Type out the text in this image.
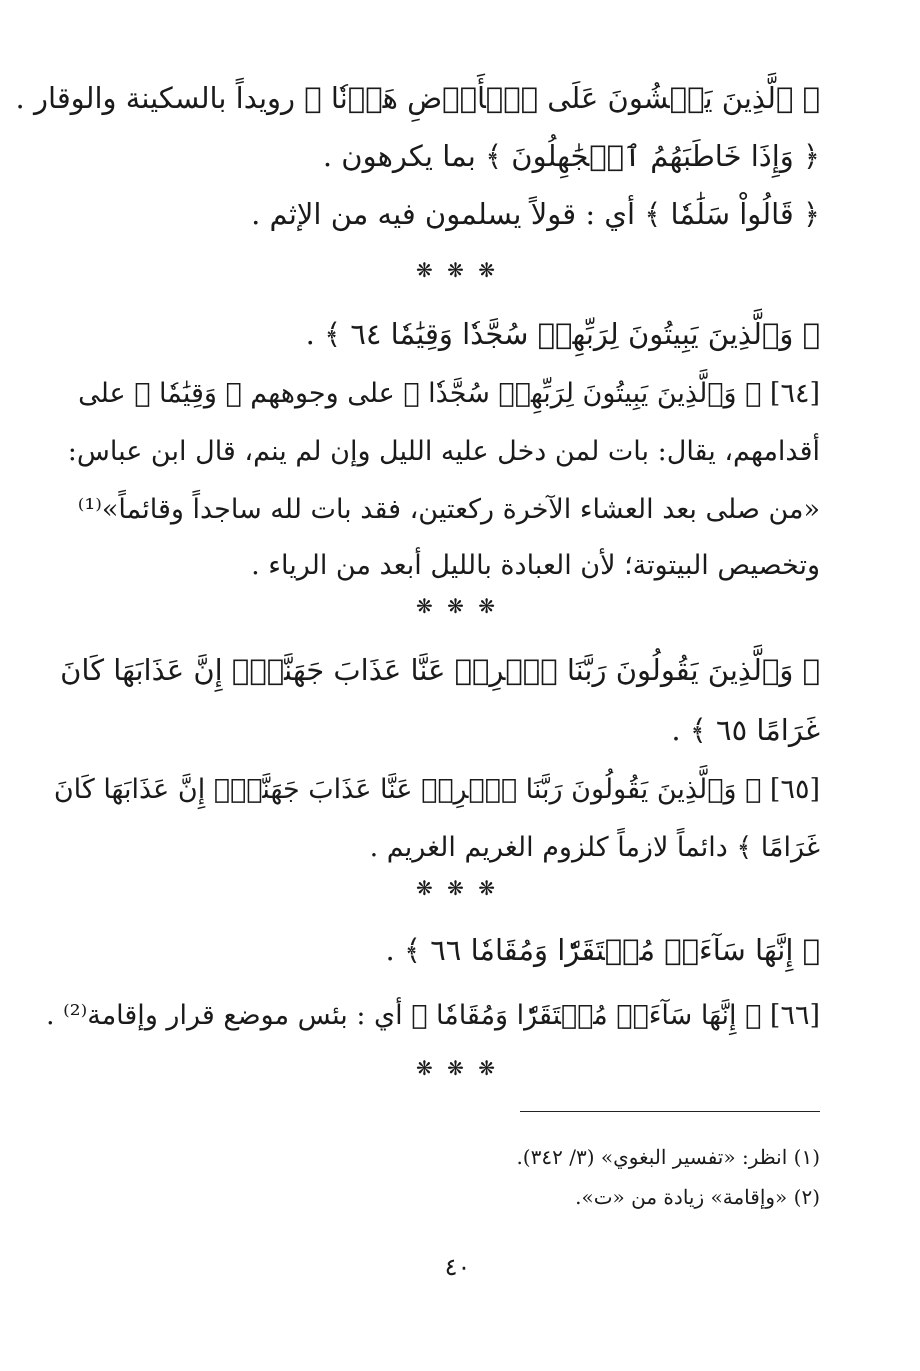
﴿ ٱلَّذِينَ يَمۡشُونَ عَلَى ٱلۡأَرۡضِ هَوۡنٗا ﴾ رويداً بالسكينة والوقار .
﴿ وَإِذَا خَاطَبَهُمُ ٱلۡجَٰهِلُونَ ﴾ بما يكرهون .
﴿ قَالُواْ سَلَٰمٗا ﴾ أي : قولاً يسلمون فيه من الإثم .
❋ ❋ ❋
﴿ وَٱلَّذِينَ يَبِيتُونَ لِرَبِّهِمۡ سُجَّدٗا وَقِيَٰمٗا ٦٤ ﴾ .
[٦٤] ﴿ وَٱلَّذِينَ يَبِيتُونَ لِرَبِّهِمۡ سُجَّدٗا ﴾ على وجوههم ﴿ وَقِيَٰمٗا ﴾ على
أقدامهم، يقال: بات لمن دخل عليه الليل وإن لم ينم، قال ابن عباس:
«من صلى بعد العشاء الآخرة ركعتين، فقد بات لله ساجداً وقائماً»⁽¹⁾
وتخصيص البيتوتة؛ لأن العبادة بالليل أبعد من الرياء .
❋ ❋ ❋
﴿ وَٱلَّذِينَ يَقُولُونَ رَبَّنَا ٱصۡرِفۡ عَنَّا عَذَابَ جَهَنَّمَۖ إِنَّ عَذَابَهَا كَانَ
غَرَامًا ٦٥ ﴾ .
[٦٥] ﴿ وَٱلَّذِينَ يَقُولُونَ رَبَّنَا ٱصۡرِفۡ عَنَّا عَذَابَ جَهَنَّمَۖ إِنَّ عَذَابَهَا كَانَ
غَرَامًا ﴾ دائماً لازماً كلزوم الغريم الغريم .
❋ ❋ ❋
﴿ إِنَّهَا سَآءَتۡ مُسۡتَقَرّٗا وَمُقَامٗا ٦٦ ﴾ .
[٦٦] ﴿ إِنَّهَا سَآءَتۡ مُسۡتَقَرّٗا وَمُقَامٗا ﴾ أي : بئس موضع قرار وإقامة⁽²⁾ .
❋ ❋ ❋
(١) انظر: «تفسير البغوي» (٣/ ٣٤٢).
(٢) «وإقامة» زيادة من «ت».
٤٠
